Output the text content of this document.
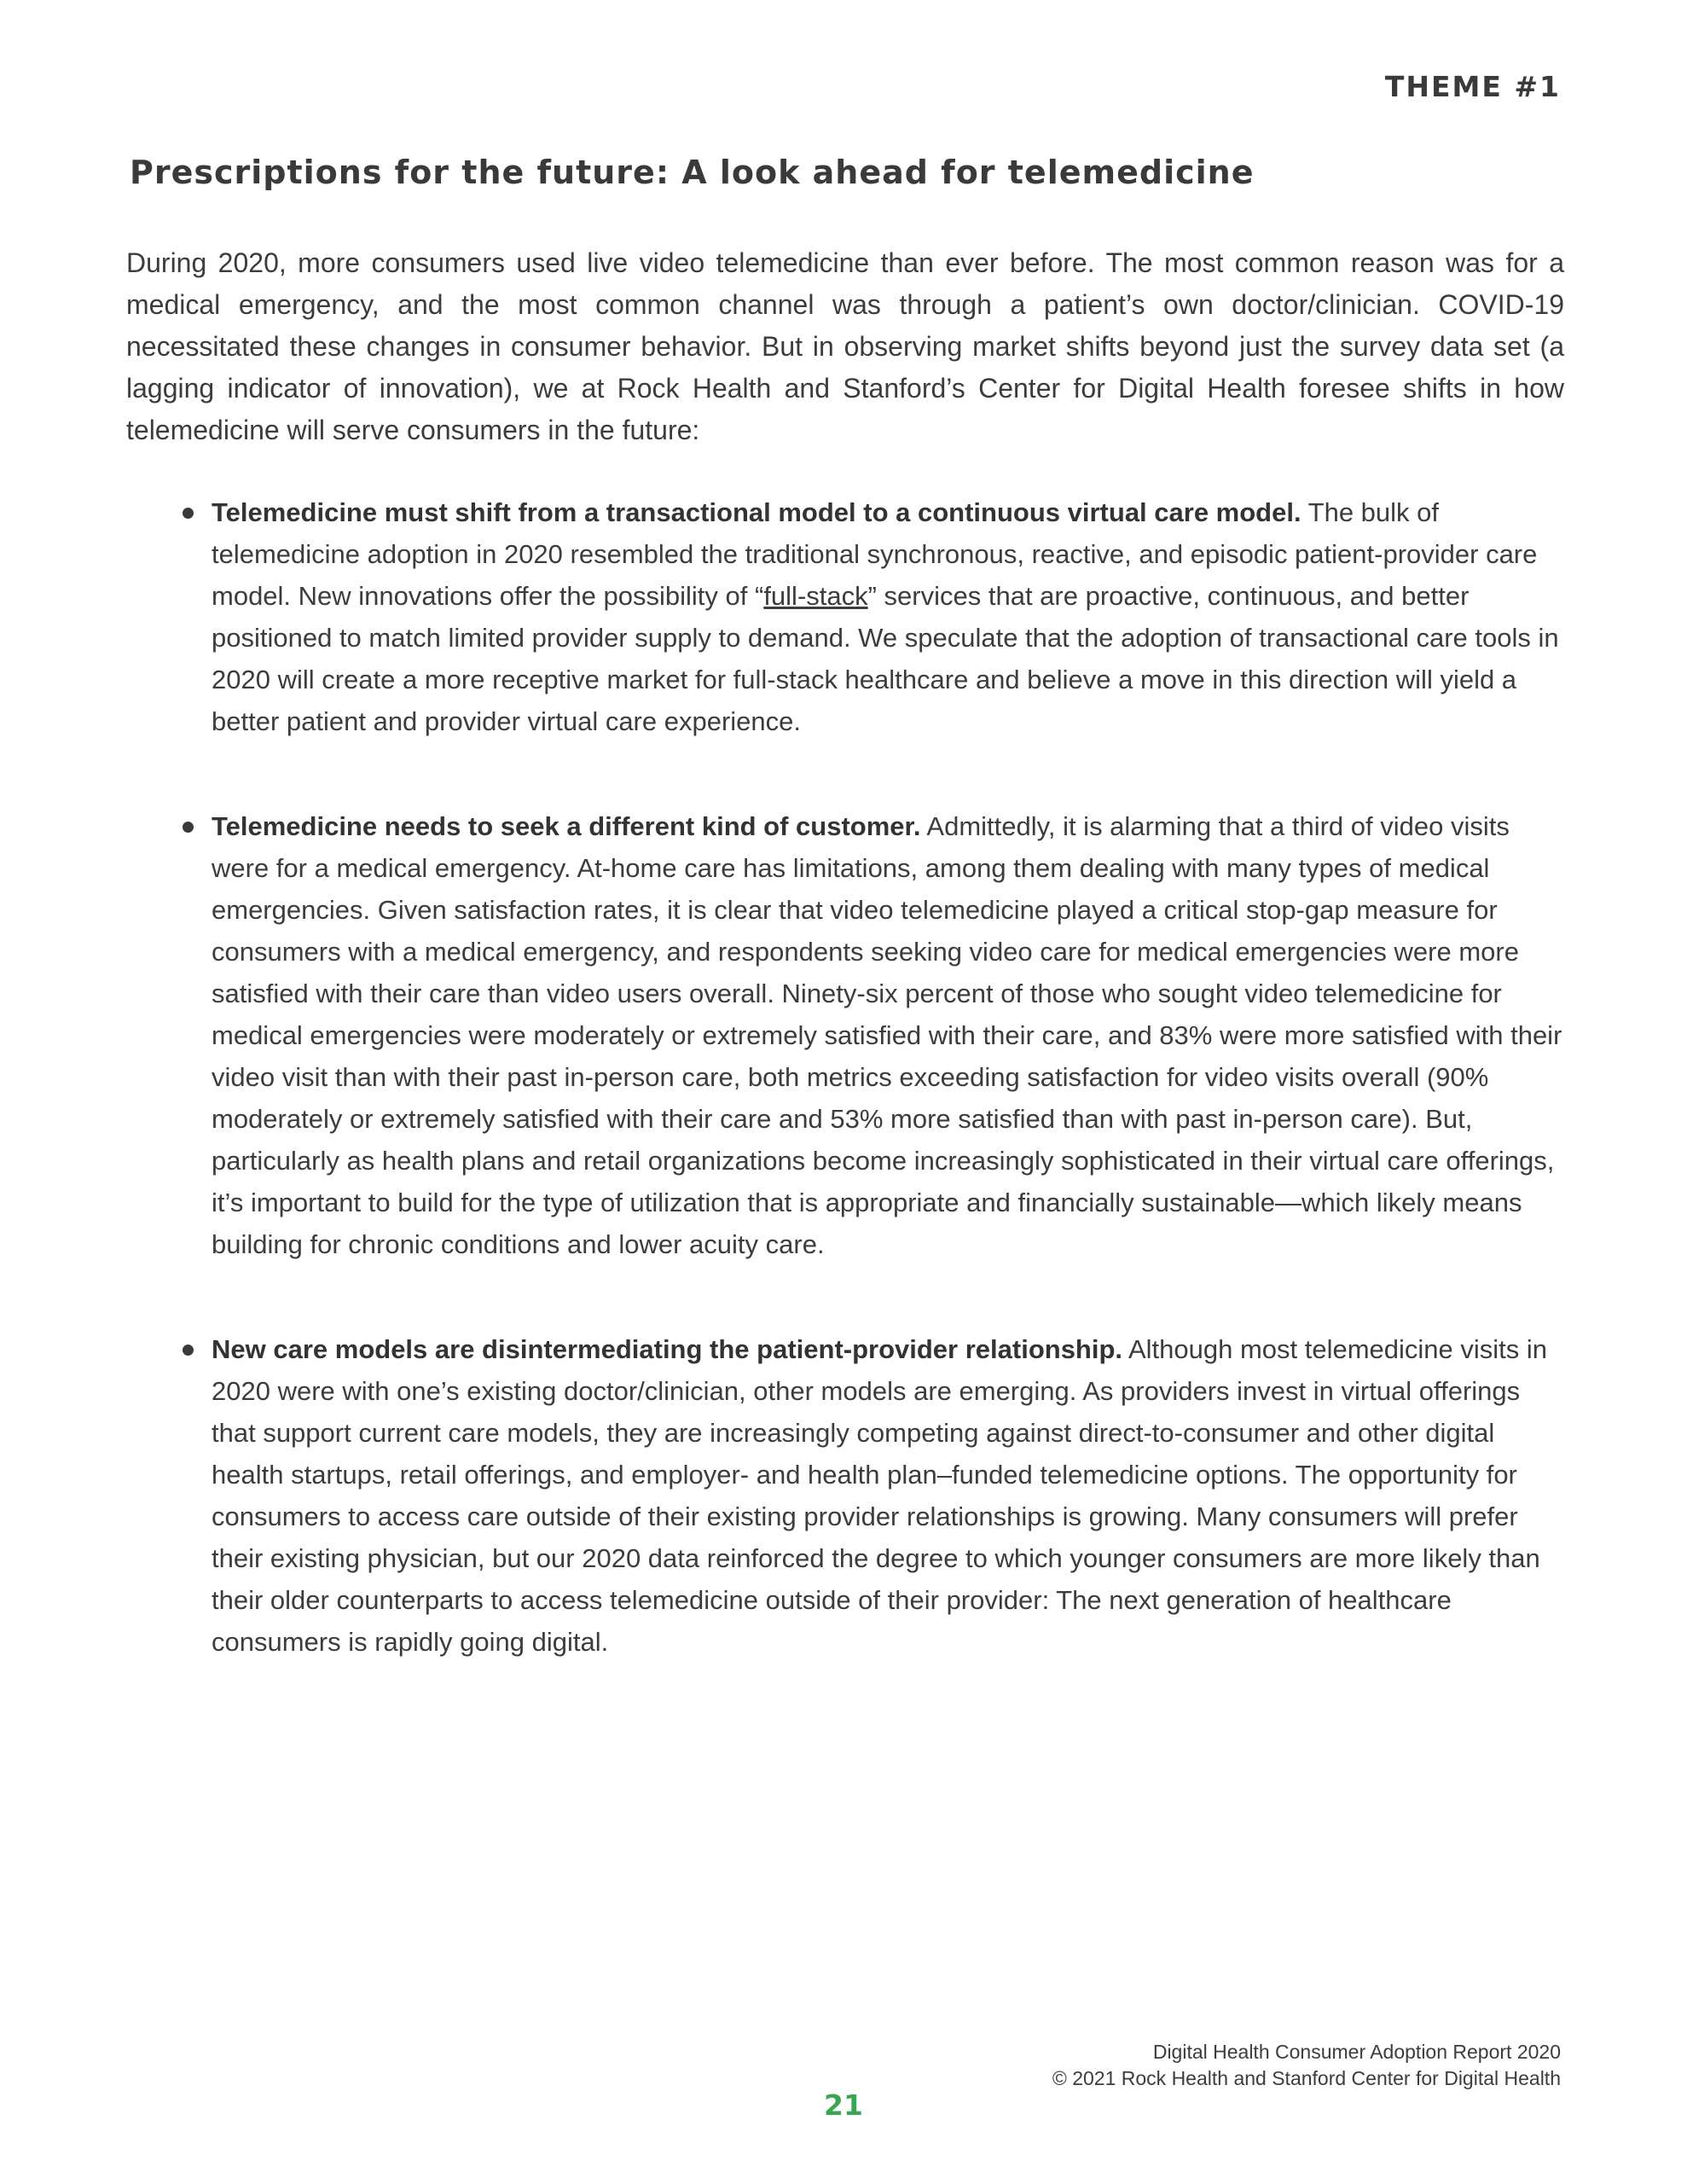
THEME #1
Prescriptions for the future: A look ahead for telemedicine

During 2020, more consumers used live video telemedicine than ever before. The most common reason was for a medical emergency, and the most common channel was through a patient’s own doctor/clinician. COVID-19 necessitated these changes in consumer behavior. But in observing market shifts beyond just the survey data set (a lagging indicator of innovation), we at Rock Health and Stanford’s Center for Digital Health foresee shifts in how telemedicine will serve consumers in the future:

Telemedicine must shift from a transactional model to a continuous virtual care model. The bulk of telemedicine adoption in 2020 resembled the traditional synchronous, reactive, and episodic patient-provider care model. New innovations offer the possibility of “full-stack” services that are proactive, continuous, and better positioned to match limited provider supply to demand. We speculate that the adoption of transactional care tools in 2020 will create a more receptive market for full-stack healthcare and believe a move in this direction will yield a better patient and provider virtual care experience.
Telemedicine needs to seek a different kind of customer. Admittedly, it is alarming that a third of video visits were for a medical emergency. At-home care has limitations, among them dealing with many types of medical emergencies. Given satisfaction rates, it is clear that video telemedicine played a critical stop-gap measure for consumers with a medical emergency, and respondents seeking video care for medical emergencies were more satisfied with their care than video users overall. Ninety-six percent of those who sought video telemedicine for medical emergencies were moderately or extremely satisfied with their care, and 83% were more satisfied with their video visit than with their past in-person care, both metrics exceeding satisfaction for video visits overall (90% moderately or extremely satisfied with their care and 53% more satisfied than with past in-person care). But, particularly as health plans and retail organizations become increasingly sophisticated in their virtual care offerings, it’s important to build for the type of utilization that is appropriate and financially sustainable—which likely means building for chronic conditions and lower acuity care.
New care models are disintermediating the patient-provider relationship. Although most telemedicine visits in 2020 were with one’s existing doctor/clinician, other models are emerging. As providers invest in virtual offerings that support current care models, they are increasingly competing against direct-to-consumer and other digital health startups, retail offerings, and employer- and health plan–funded telemedicine options. The opportunity for consumers to access care outside of their existing provider relationships is growing. Many consumers will prefer their existing physician, but our 2020 data reinforced the degree to which younger consumers are more likely than their older counterparts to access telemedicine outside of their provider: The next generation of healthcare consumers is rapidly going digital.
Digital Health Consumer Adoption Report 2020
© 2021 Rock Health and Stanford Center for Digital Health
21
